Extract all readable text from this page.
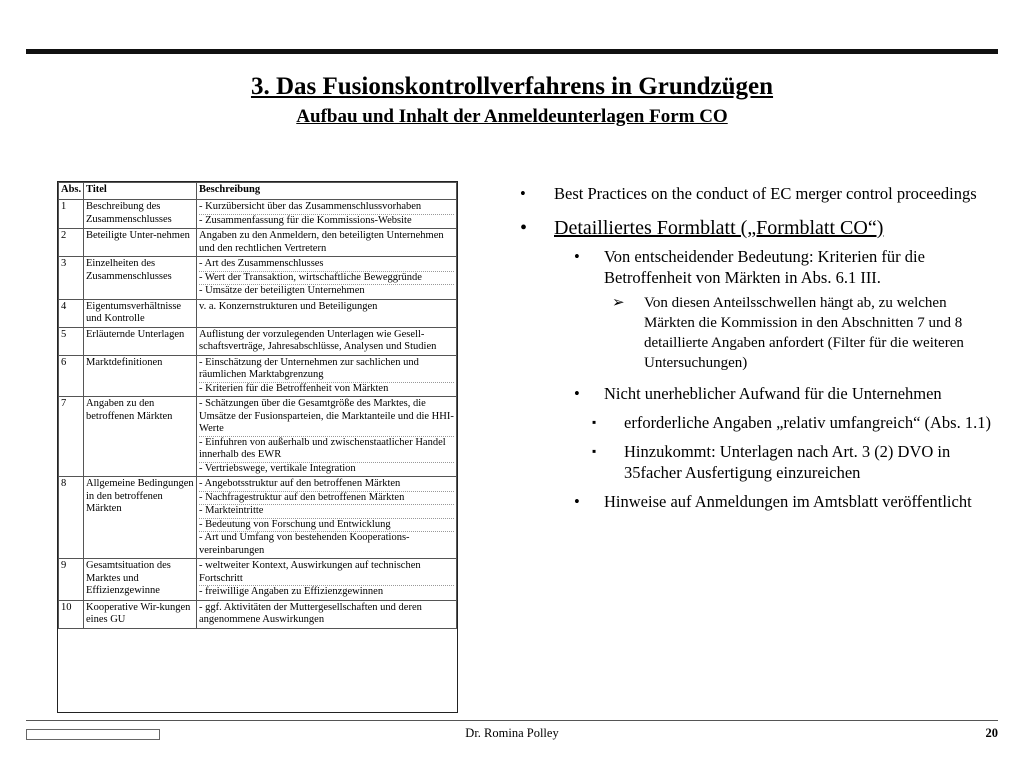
3. Das Fusionskontrollverfahrens in Grundzügen
Aufbau und Inhalt der Anmeldeunterlagen Form CO
Abs.	Titel	Beschreibung
1	Beschreibung des Zusammenschlusses	- Kurzübersicht über das Zusammenschlussvorhaben
- Zusammenfassung für die Kommissions-Website

2	Beteiligte Unter-nehmen	Angaben zu den Anmeldern, den beteiligten Unternehmen und den rechtlichen Vertretern

3	Einzelheiten des Zusammenschlusses	- Art des Zusammenschlusses
- Wert der Transaktion, wirtschaftliche Beweggründe
- Umsätze der beteiligten Unternehmen

4	Eigentumsverhältnisse und Kontrolle	v. a. Konzernstrukturen und Beteiligungen

5	Erläuternde Unterlagen	Auflistung der vorzulegenden Unterlagen wie Gesell-schaftsverträge, Jahresabschlüsse, Analysen und Studien

6	Marktdefinitionen	- Einschätzung der Unternehmen zur sachlichen und räumlichen Marktabgrenzung
- Kriterien für die Betroffenheit von Märkten

7	Angaben zu den betroffenen Märkten	- Schätzungen über die Gesamtgröße des Marktes, die Umsätze der Fusionsparteien, die Marktanteile und die HHI-Werte
- Einfuhren von außerhalb und zwischenstaatlicher Handel innerhalb des EWR
- Vertriebswege, vertikale Integration

8	Allgemeine Bedingungen in den betroffenen Märkten	- Angebotsstruktur auf den betroffenen Märkten
- Nachfragestruktur auf den betroffenen Märkten
- Markteintritte
- Bedeutung von Forschung und Entwicklung
- Art und Umfang von bestehenden Kooperations-vereinbarungen

9	Gesamtsituation des Marktes und Effizienzgewinne	- weltweiter Kontext, Auswirkungen auf technischen Fortschritt
- freiwillige Angaben zu Effizienzgewinnen

10	Kooperative Wir-kungen eines GU	- ggf. Aktivitäten der Muttergesellschaften und deren angenommene Auswirkungen
• Best Practices on the conduct of EC merger control proceedings
• Detailliertes Formblatt („Formblatt CO“)
• Von entscheidender Bedeutung: Kriterien für die Betroffenheit von Märkten in Abs. 6.1 III.
➢ Von diesen Anteilsschwellen hängt ab, zu welchen Märkten die Kommission in den Abschnitten 7 und 8 detaillierte Angaben anfordert (Filter für die weiteren Untersuchungen)
• Nicht unerheblicher Aufwand für die Unternehmen
▪ erforderliche Angaben „relativ umfangreich“ (Abs. 1.1)
▪ Hinzukommt: Unterlagen nach Art. 3 (2) DVO in 35facher Ausfertigung einzureichen
• Hinweise auf Anmeldungen im Amtsblatt veröffentlicht
Dr. Romina Polley	20
